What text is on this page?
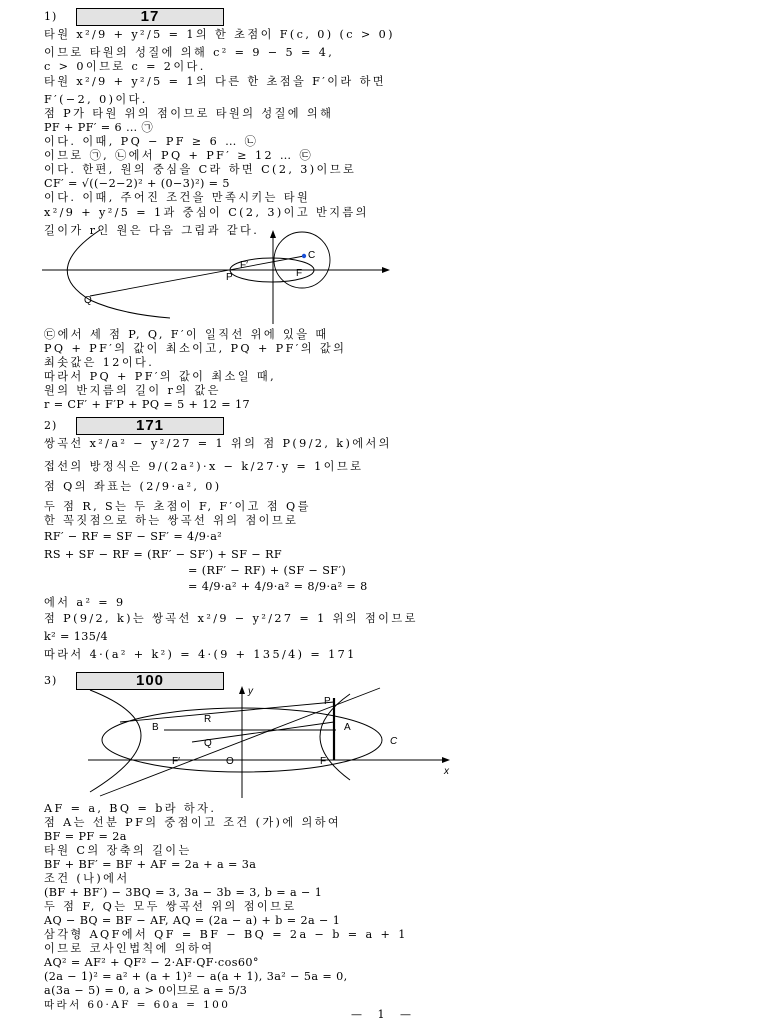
1)	17
타원 x²/9 + y²/5 = 1의 한 초점이 F(c, 0) (c > 0)
이므로 타원의 성질에 의해 c² = 9 − 5 = 4,
c > 0이므로 c = 2이다.
타원 x²/9 + y²/5 = 1의 다른 한 초점을 F′이라 하면
F′(−2, 0)이다.
점 P가 타원 위의 점이므로 타원의 성질에 의해
PF + PF′ = 6 … ㉠
이다. 이때, PQ − PF ≥ 6 … ㉡
이므로 ㉠, ㉡에서 PQ + PF′ ≥ 12 … ㉢
이다. 한편, 원의 중심을 C라 하면 C(2, 3)이므로
CF′ = √((−2−2)² + (0−3)²) = 5
이다. 이때, 주어진 조건을 만족시키는 타원
x²/9 + y²/5 = 1과 중심이 C(2, 3)이고 반지름의
길이가 r인 원은 다음 그림과 같다.
C
F′
F
P
Q
㉢에서 세 점 P, Q, F′이 일직선 위에 있을 때
PQ + PF′의 값이 최소이고, PQ + PF′의 값의
최솟값은 12이다.
따라서 PQ + PF′의 값이 최소일 때,
원의 반지름의 길이 r의 값은
r = CF′ + F′P + PQ = 5 + 12 = 17
2)	171
쌍곡선 x²/a² − y²/27 = 1 위의 점 P(9/2, k)에서의
접선의 방정식은 9/(2a²)·x − k/27·y = 1이므로
점 Q의 좌표는 (2/9·a², 0)
두 점 R, S는 두 초점이 F, F′이고 점 Q를
한 꼭짓점으로 하는 쌍곡선 위의 점이므로
RF′ − RF = SF − SF′ = 4/9·a²
RS + SF − RF = (RF′ − SF′) + SF − RF
= (RF′ − RF) + (SF − SF′)
= 4/9·a² + 4/9·a² = 8/9·a² = 8
에서 a² = 9
점 P(9/2, k)는 쌍곡선 x²/9 − y²/27 = 1 위의 점이므로
k² = 135/4
따라서 4·(a² + k²) = 4·(9 + 135/4) = 171
3)	100
y
x
P
R
A
B
Q	C
F′	O	F
AF = a, BQ = b라 하자.
점 A는 선분 PF의 중점이고 조건 (가)에 의하여
BF = PF = 2a
타원 C의 장축의 길이는
BF + BF′ = BF + AF = 2a + a = 3a
조건 (나)에서
(BF + BF′) − 3BQ = 3, 3a − 3b = 3, b = a − 1
두 점 F, Q는 모두 쌍곡선 위의 점이므로
AQ − BQ = BF − AF, AQ = (2a − a) + b = 2a − 1
삼각형 AQF에서 QF = BF − BQ = 2a − b = a + 1
이므로 코사인법칙에 의하여
AQ² = AF² + QF² − 2·AF·QF·cos60°
(2a − 1)² = a² + (a + 1)² − a(a + 1), 3a² − 5a = 0,
a(3a − 5) = 0, a > 0이므로 a = 5/3
따라서 60·AF = 60a = 100
— 1 —
